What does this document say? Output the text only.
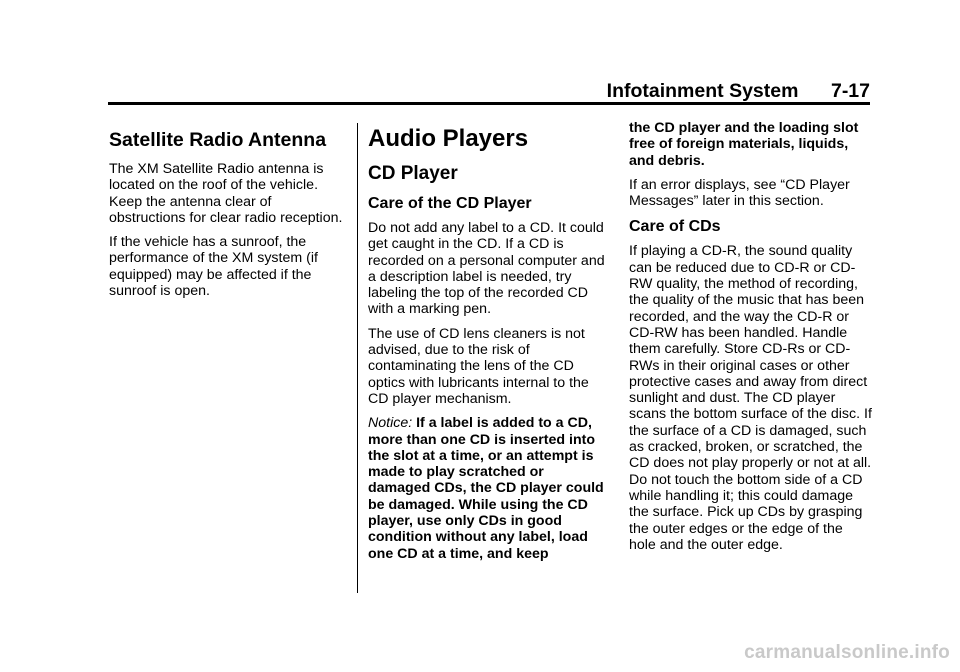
Infotainment System 7-17
Satellite Radio Antenna

The XM Satellite Radio antenna is located on the roof of the vehicle. Keep the antenna clear of obstructions for clear radio reception.

If the vehicle has a sunroof, the performance of the XM system (if equipped) may be affected if the sunroof is open.

Audio Players
CD Player
Care of the CD Player

Do not add any label to a CD. It could get caught in the CD. If a CD is recorded on a personal computer and a description label is needed, try labeling the top of the recorded CD with a marking pen.

The use of CD lens cleaners is not advised, due to the risk of contaminating the lens of the CD optics with lubricants internal to the CD player mechanism.

Notice: If a label is added to a CD, more than one CD is inserted into the slot at a time, or an attempt is made to play scratched or damaged CDs, the CD player could be damaged. While using the CD player, use only CDs in good condition without any label, load one CD at a time, and keep

the CD player and the loading slot free of foreign materials, liquids, and debris.

If an error displays, see “CD Player Messages” later in this section.

Care of CDs

If playing a CD-R, the sound quality can be reduced due to CD-R or CD-RW quality, the method of recording, the quality of the music that has been recorded, and the way the CD-R or CD-RW has been handled. Handle them carefully. Store CD-Rs or CD-RWs in their original cases or other protective cases and away from direct sunlight and dust. The CD player scans the bottom surface of the disc. If the surface of a CD is damaged, such as cracked, broken, or scratched, the CD does not play properly or not at all. Do not touch the bottom side of a CD while handling it; this could damage the surface. Pick up CDs by grasping the outer edges or the edge of the hole and the outer edge.

carmanualsonline.info
